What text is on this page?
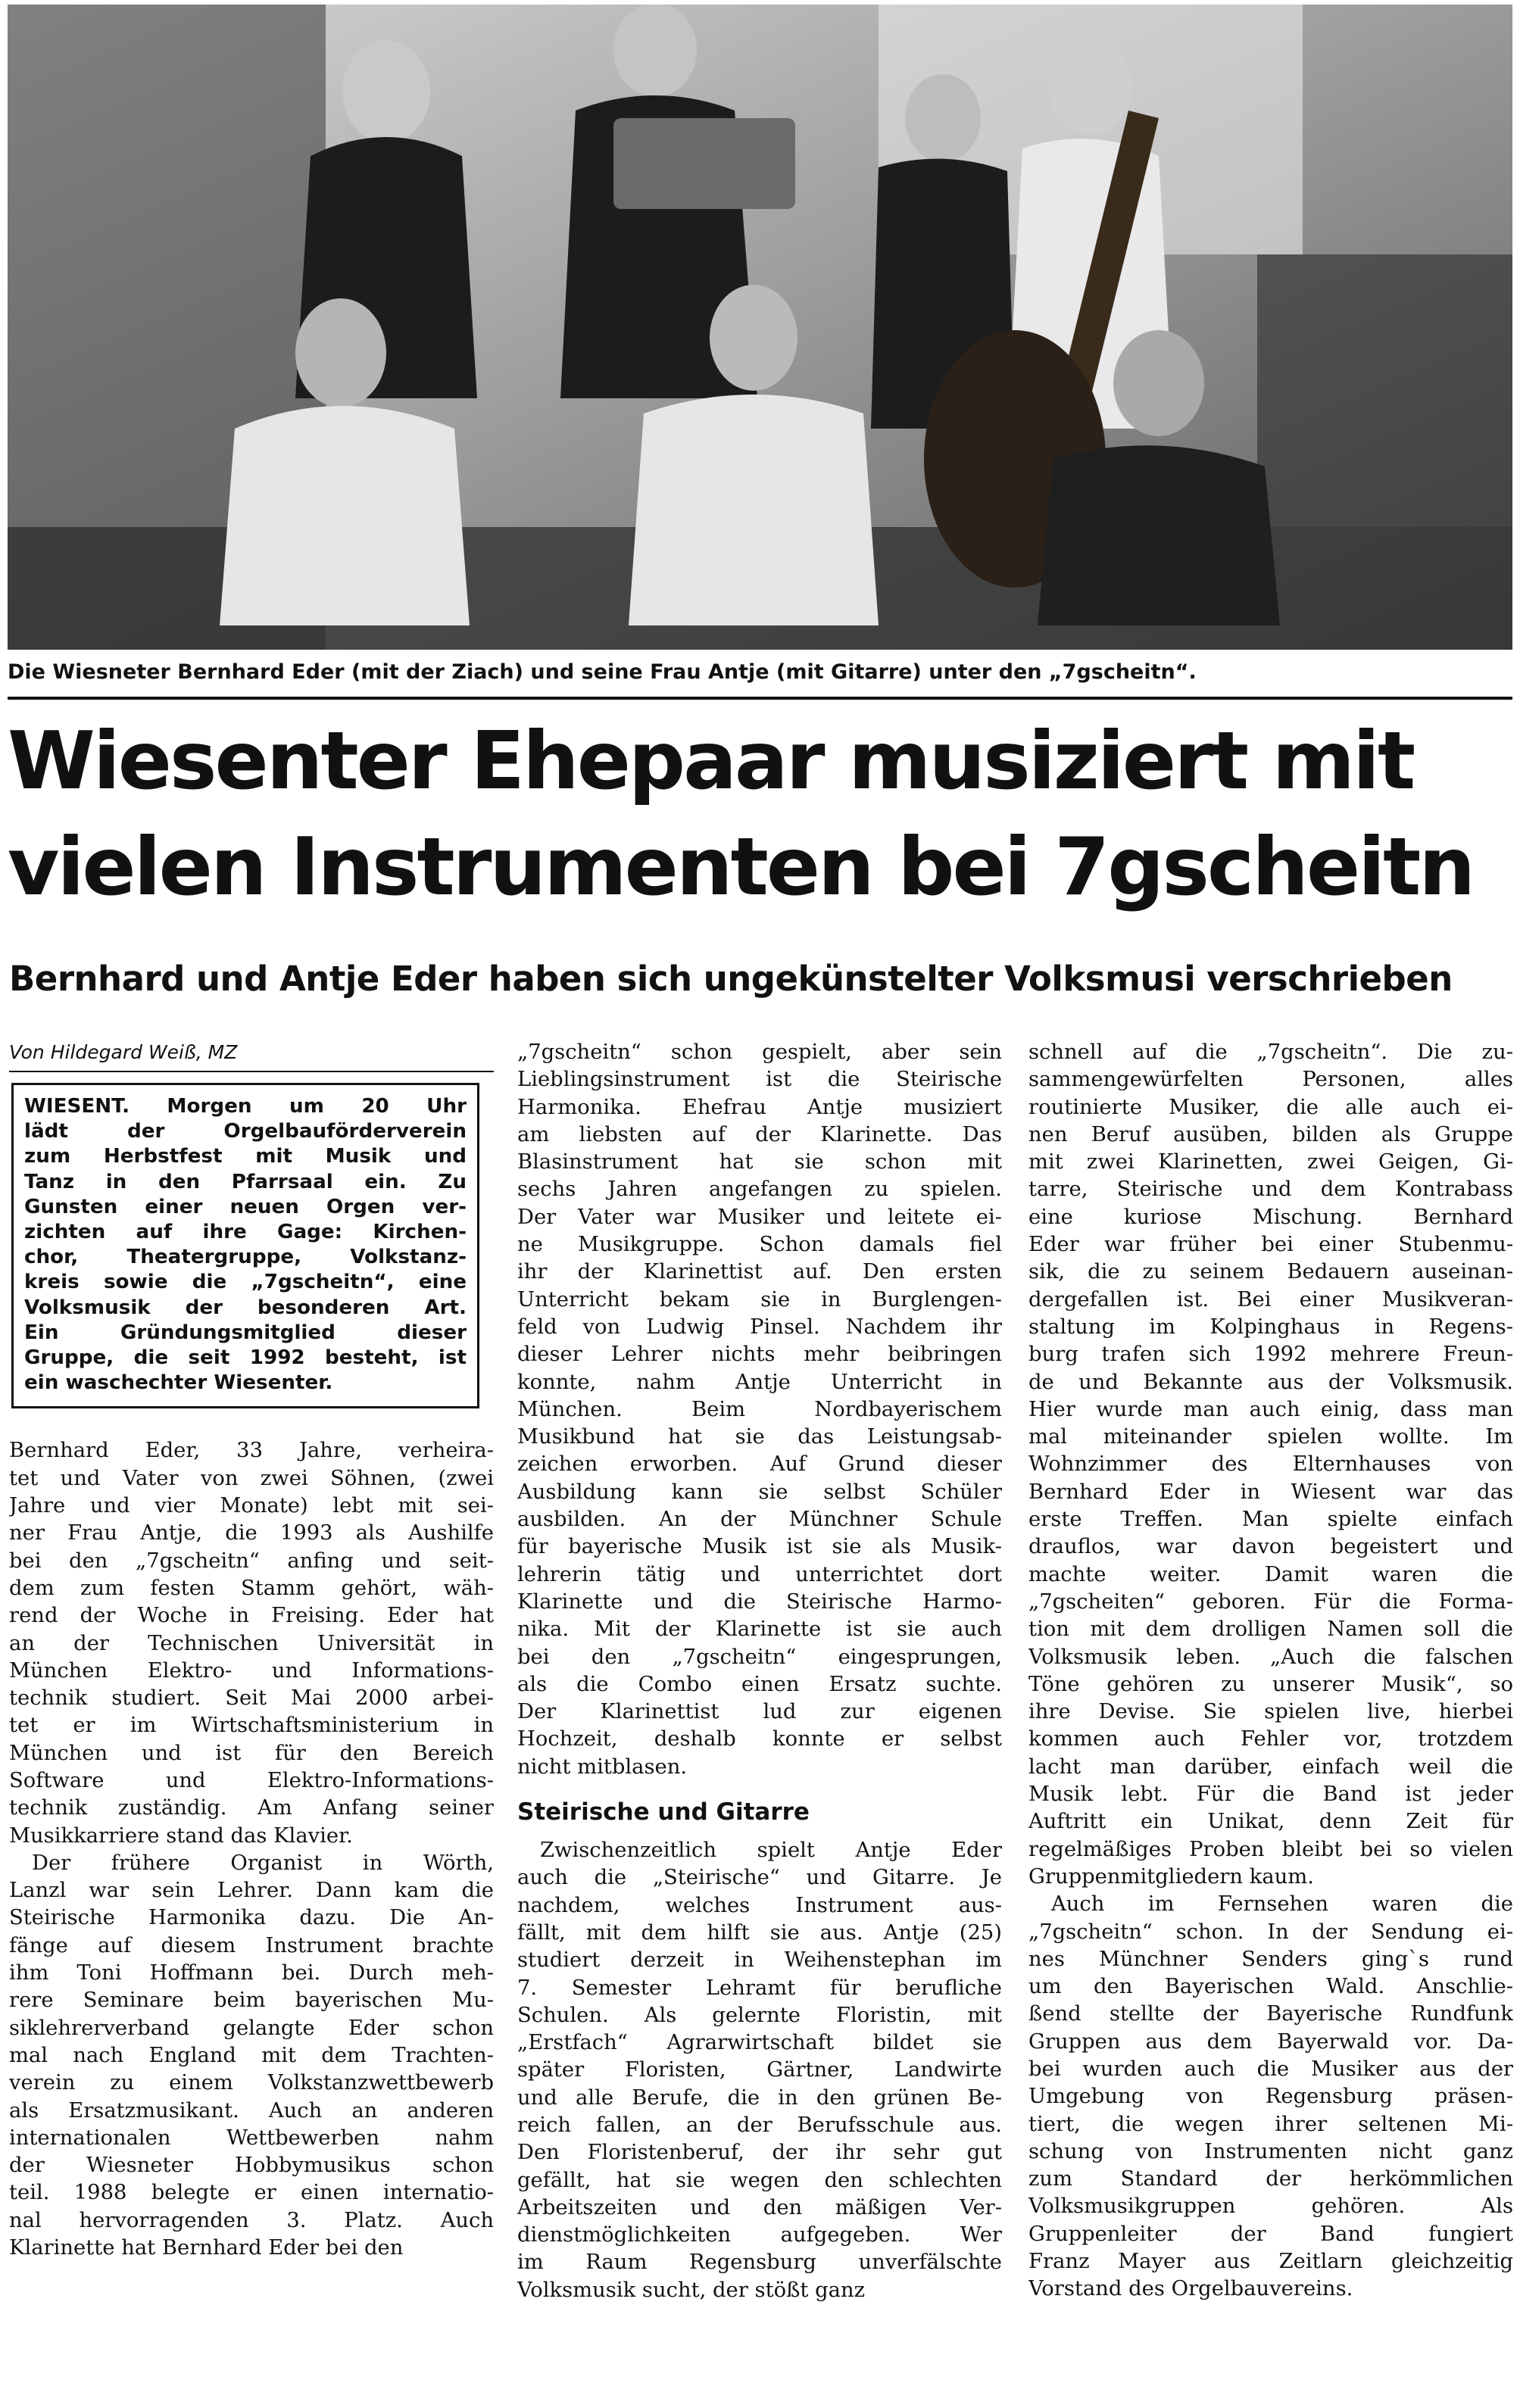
Die Wiesneter Bernhard Eder (mit der Ziach) und seine Frau Antje (mit Gitarre) unter den „7gscheitn“.
Wiesenter Ehepaar musiziert mit
vielen Instrumenten bei 7gscheitn
Bernhard und Antje Eder haben sich ungekünstelter Volksmusi verschrieben
Von Hildegard Weiß, MZ
WIESENT. Morgen um 20 Uhr
lädt der Orgelbauförderverein
zum Herbstfest mit Musik und
Tanz in den Pfarrsaal ein. Zu
Gunsten einer neuen Orgen ver-
zichten auf ihre Gage: Kirchen-
chor, Theatergruppe, Volkstanz-
kreis sowie die „7gscheitn“, eine
Volksmusik der besonderen Art.
Ein Gründungsmitglied dieser
Gruppe, die seit 1992 besteht, ist
ein waschechter Wiesenter.
Bernhard Eder, 33 Jahre, verheira-
tet und Vater von zwei Söhnen, (zwei
Jahre und vier Monate) lebt mit sei-
ner Frau Antje, die 1993 als Aushilfe
bei den „7gscheitn“ anfing und seit-
dem zum festen Stamm gehört, wäh-
rend der Woche in Freising. Eder hat
an der Technischen Universität in
München Elektro- und Informations-
technik studiert. Seit Mai 2000 arbei-
tet er im Wirtschaftsministerium in
München und ist für den Bereich
Software und Elektro-Informations-
technik zuständig. Am Anfang seiner
Musikkarriere stand das Klavier.
Der frühere Organist in Wörth,
Lanzl war sein Lehrer. Dann kam die
Steirische Harmonika dazu. Die An-
fänge auf diesem Instrument brachte
ihm Toni Hoffmann bei. Durch meh-
rere Seminare beim bayerischen Mu-
siklehrerverband gelangte Eder schon
mal nach England mit dem Trachten-
verein zu einem Volkstanzwettbewerb
als Ersatzmusikant. Auch an anderen
internationalen Wettbewerben nahm
der Wiesneter Hobbymusikus schon
teil. 1988 belegte er einen internatio-
nal hervorragenden 3. Platz. Auch
Klarinette hat Bernhard Eder bei den
„7gscheitn“ schon gespielt, aber sein
Lieblingsinstrument ist die Steirische
Harmonika. Ehefrau Antje musiziert
am liebsten auf der Klarinette. Das
Blasinstrument hat sie schon mit
sechs Jahren angefangen zu spielen.
Der Vater war Musiker und leitete ei-
ne Musikgruppe. Schon damals fiel
ihr der Klarinettist auf. Den ersten
Unterricht bekam sie in Burglengen-
feld von Ludwig Pinsel. Nachdem ihr
dieser Lehrer nichts mehr beibringen
konnte, nahm Antje Unterricht in
München. Beim Nordbayerischem
Musikbund hat sie das Leistungsab-
zeichen erworben. Auf Grund dieser
Ausbildung kann sie selbst Schüler
ausbilden. An der Münchner Schule
für bayerische Musik ist sie als Musik-
lehrerin tätig und unterrichtet dort
Klarinette und die Steirische Harmo-
nika. Mit der Klarinette ist sie auch
bei den „7gscheitn“ eingesprungen,
als die Combo einen Ersatz suchte.
Der Klarinettist lud zur eigenen
Hochzeit, deshalb konnte er selbst
nicht mitblasen.
Steirische und Gitarre
Zwischenzeitlich spielt Antje Eder
auch die „Steirische“ und Gitarre. Je
nachdem, welches Instrument aus-
fällt, mit dem hilft sie aus. Antje (25)
studiert derzeit in Weihenstephan im
7. Semester Lehramt für berufliche
Schulen. Als gelernte Floristin, mit
„Erstfach“ Agrarwirtschaft bildet sie
später Floristen, Gärtner, Landwirte
und alle Berufe, die in den grünen Be-
reich fallen, an der Berufsschule aus.
Den Floristenberuf, der ihr sehr gut
gefällt, hat sie wegen den schlechten
Arbeitszeiten und den mäßigen Ver-
dienstmöglichkeiten aufgegeben. Wer
im Raum Regensburg unverfälschte
Volksmusik sucht, der stößt ganz
schnell auf die „7gscheitn“. Die zu-
sammengewürfelten Personen, alles
routinierte Musiker, die alle auch ei-
nen Beruf ausüben, bilden als Gruppe
mit zwei Klarinetten, zwei Geigen, Gi-
tarre, Steirische und dem Kontrabass
eine kuriose Mischung. Bernhard
Eder war früher bei einer Stubenmu-
sik, die zu seinem Bedauern auseinan-
dergefallen ist. Bei einer Musikveran-
staltung im Kolpinghaus in Regens-
burg trafen sich 1992 mehrere Freun-
de und Bekannte aus der Volksmusik.
Hier wurde man auch einig, dass man
mal miteinander spielen wollte. Im
Wohnzimmer des Elternhauses von
Bernhard Eder in Wiesent war das
erste Treffen. Man spielte einfach
drauflos, war davon begeistert und
machte weiter. Damit waren die
„7gscheiten“ geboren. Für die Forma-
tion mit dem drolligen Namen soll die
Volksmusik leben. „Auch die falschen
Töne gehören zu unserer Musik“, so
ihre Devise. Sie spielen live, hierbei
kommen auch Fehler vor, trotzdem
lacht man darüber, einfach weil die
Musik lebt. Für die Band ist jeder
Auftritt ein Unikat, denn Zeit für
regelmäßiges Proben bleibt bei so vielen
Gruppenmitgliedern kaum.
Auch im Fernsehen waren die
„7gscheitn“ schon. In der Sendung ei-
nes Münchner Senders ging`s rund
um den Bayerischen Wald. Anschlie-
ßend stellte der Bayerische Rundfunk
Gruppen aus dem Bayerwald vor. Da-
bei wurden auch die Musiker aus der
Umgebung von Regensburg präsen-
tiert, die wegen ihrer seltenen Mi-
schung von Instrumenten nicht ganz
zum Standard der herkömmlichen
Volksmusikgruppen gehören. Als
Gruppenleiter der Band fungiert
Franz Mayer aus Zeitlarn gleichzeitig
Vorstand des Orgelbauvereins.
